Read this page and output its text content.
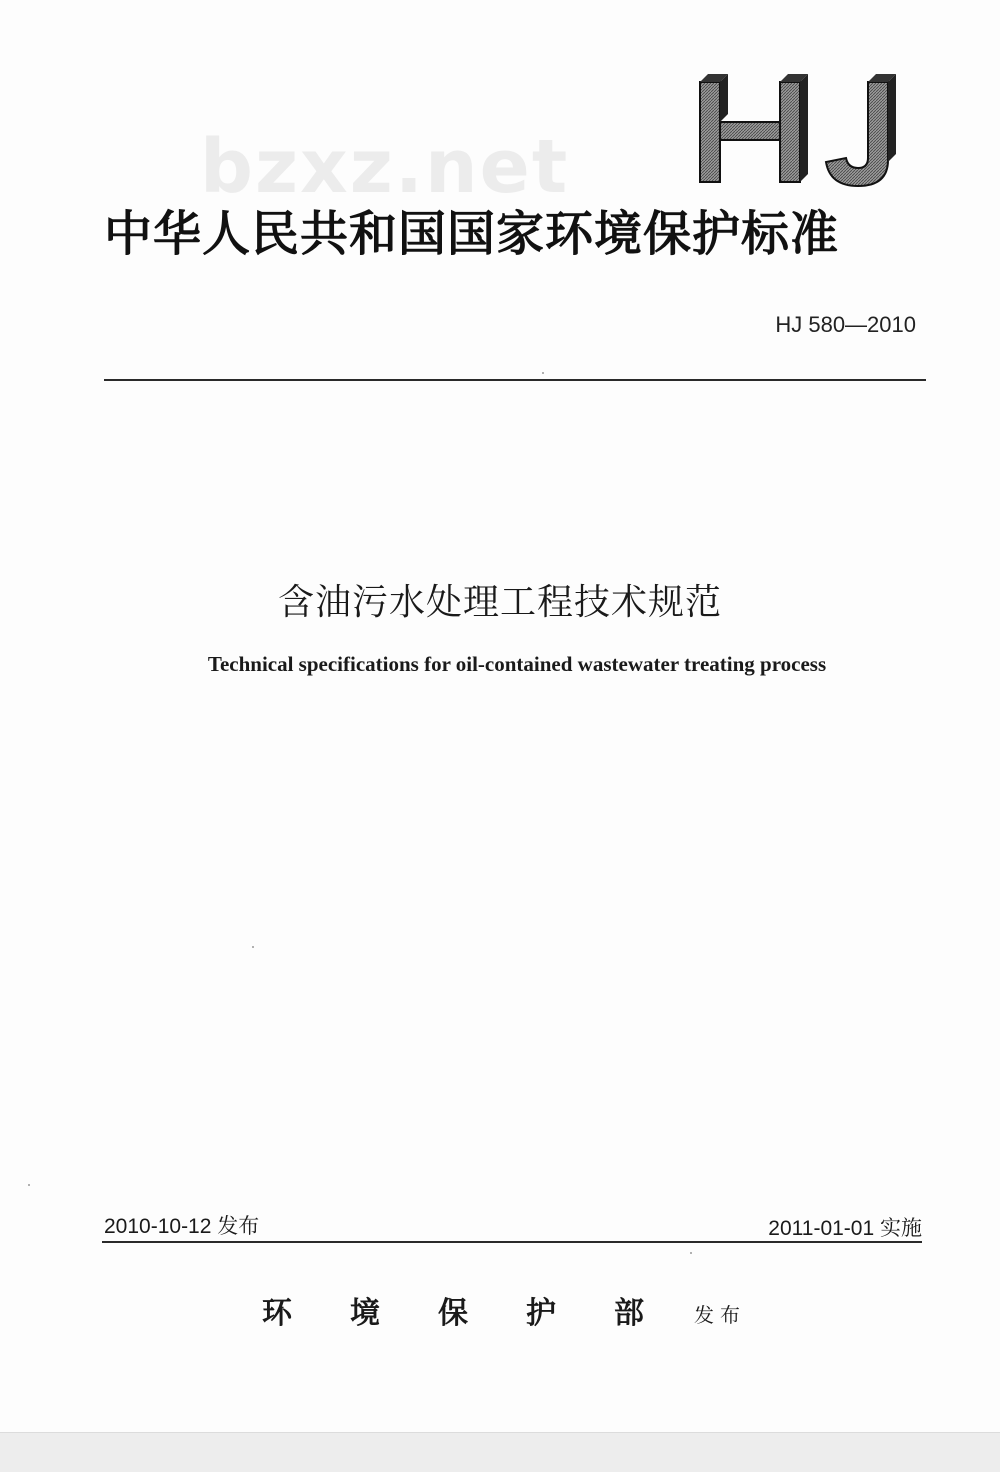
bzxz.net
中华人民共和国国家环境保护标准
HJ 580—2010
含油污水处理工程技术规范
Technical specifications for oil-contained wastewater treating process
2010-10-12 发布	2011-01-01 实施
环境保护部
发布
